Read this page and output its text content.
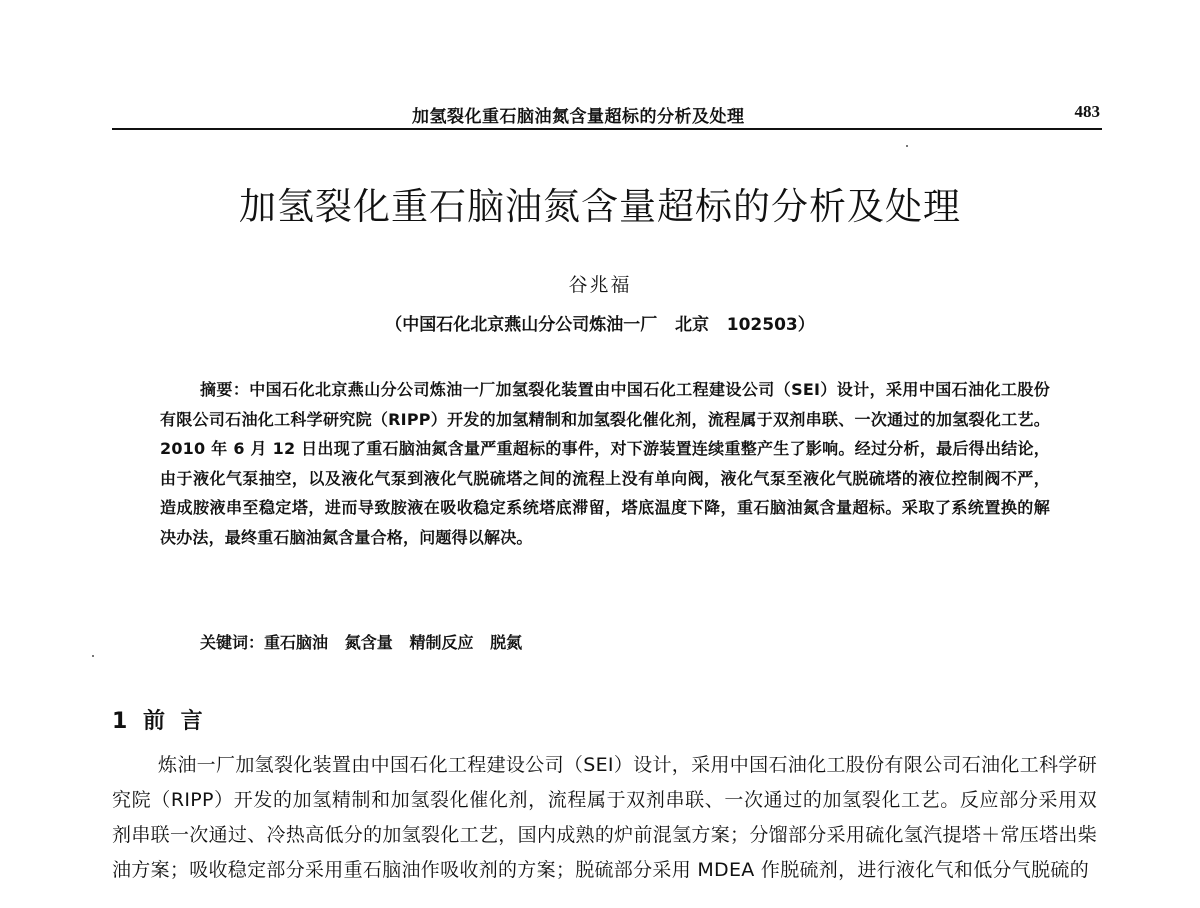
加氢裂化重石脑油氮含量超标的分析及处理	483
加氢裂化重石脑油氮含量超标的分析及处理
谷兆福
（中国石化北京燕山分公司炼油一厂   北京   102503）
摘要：中国石化北京燕山分公司炼油一厂加氢裂化装置由中国石化工程建设公司（SEI）设计，采用中国石油化工股份有限公司石油化工科学研究院（RIPP）开发的加氢精制和加氢裂化催化剂，流程属于双剂串联、一次通过的加氢裂化工艺。2010 年 6 月 12 日出现了重石脑油氮含量严重超标的事件，对下游装置连续重整产生了影响。经过分析，最后得出结论，由于液化气泵抽空，以及液化气泵到液化气脱硫塔之间的流程上没有单向阀，液化气泵至液化气脱硫塔的液位控制阀不严，造成胺液串至稳定塔，进而导致胺液在吸收稳定系统塔底滞留，塔底温度下降，重石脑油氮含量超标。采取了系统置换的解决办法，最终重石脑油氮含量合格，问题得以解决。
关键词：重石脑油   氮含量   精制反应   脱氮
1 前 言
炼油一厂加氢裂化装置由中国石化工程建设公司（SEI）设计，采用中国石油化工股份有限公司石油化工科学研究院（RIPP）开发的加氢精制和加氢裂化催化剂，流程属于双剂串联、一次通过的加氢裂化工艺。反应部分采用双剂串联一次通过、冷热高低分的加氢裂化工艺，国内成熟的炉前混氢方案；分馏部分采用硫化氢汽提塔＋常压塔出柴油方案；吸收稳定部分采用重石脑油作吸收剂的方案；脱硫部分采用 MDEA 作脱硫剂，进行液化气和低分气脱硫的
